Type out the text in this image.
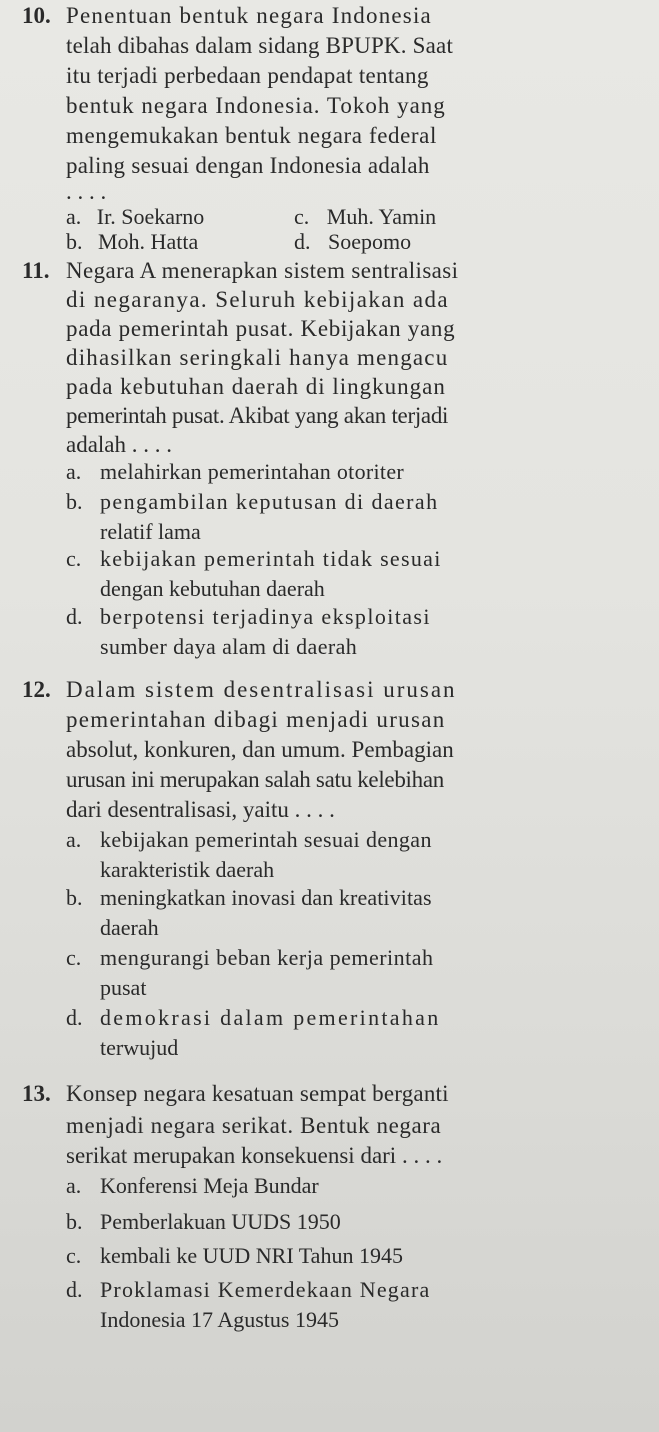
10. Penentuan bentuk negara Indonesia
telah dibahas dalam sidang BPUPK. Saat
itu terjadi perbedaan pendapat tentang
bentuk negara Indonesia. Tokoh yang
mengemukakan bentuk negara federal
paling sesuai dengan Indonesia adalah
. . . .
a. Ir. Soekarno	c. Muh. Yamin
b. Moh. Hatta	d. Soepomo
11. Negara A menerapkan sistem sentralisasi
di negaranya. Seluruh kebijakan ada
pada pemerintah pusat. Kebijakan yang
dihasilkan seringkali hanya mengacu
pada kebutuhan daerah di lingkungan
pemerintah pusat. Akibat yang akan terjadi
adalah . . . .
a. melahirkan pemerintahan otoriter
b. pengambilan keputusan di daerah
relatif lama
c. kebijakan pemerintah tidak sesuai
dengan kebutuhan daerah
d. berpotensi terjadinya eksploitasi
sumber daya alam di daerah
12. Dalam sistem desentralisasi urusan
pemerintahan dibagi menjadi urusan
absolut, konkuren, dan umum. Pembagian
urusan ini merupakan salah satu kelebihan
dari desentralisasi, yaitu . . . .
a. kebijakan pemerintah sesuai dengan
karakteristik daerah
b. meningkatkan inovasi dan kreativitas
daerah
c. mengurangi beban kerja pemerintah
pusat
d. demokrasi dalam pemerintahan
terwujud
13. Konsep negara kesatuan sempat berganti
menjadi negara serikat. Bentuk negara
serikat merupakan konsekuensi dari . . . .
a. Konferensi Meja Bundar
b. Pemberlakuan UUDS 1950
c. kembali ke UUD NRI Tahun 1945
d. Proklamasi Kemerdekaan Negara
Indonesia 17 Agustus 1945
